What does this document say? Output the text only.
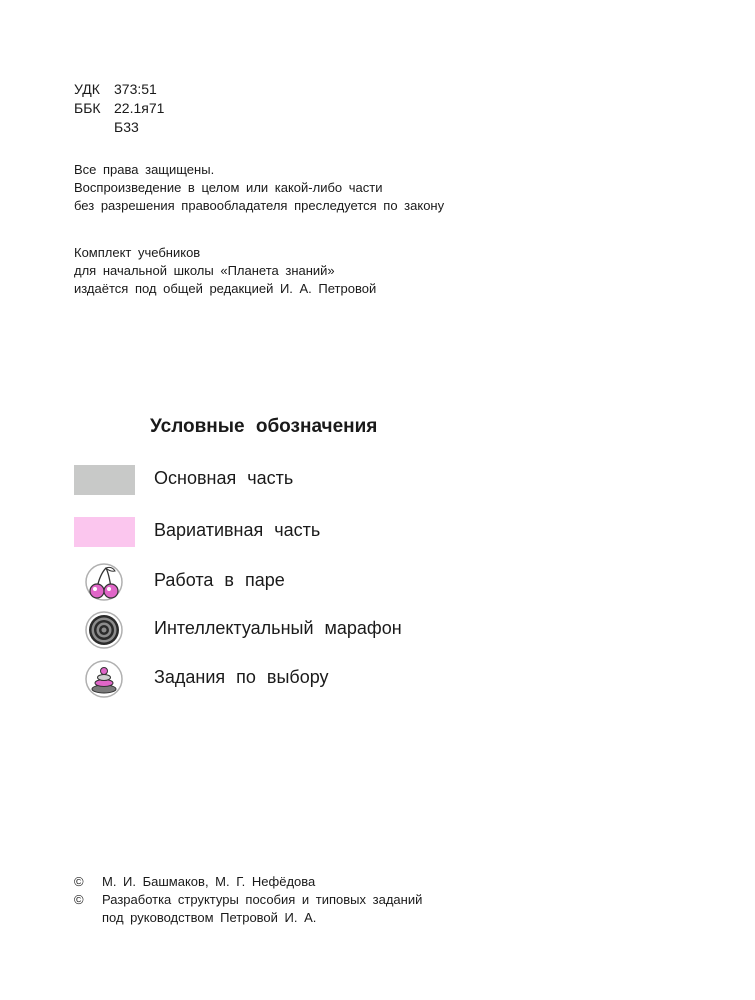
УДК	373:51
ББК 22.1я71
Б33
Все права защищены.
Воспроизведение в целом или какой-либо части
без разрешения правообладателя преследуется по закону
Комплект учебников
для начальной школы «Планета знаний»
издаётся под общей редакцией И. А. Петровой
Условные обозначения
Основная часть
Вариативная часть
Работа в паре
Интеллектуальный марафон
Задания по выбору
©	М. И. Башмаков, М. Г. Нефёдова
©	Разработка структуры пособия и типовых заданий
под руководством Петровой И. А.
